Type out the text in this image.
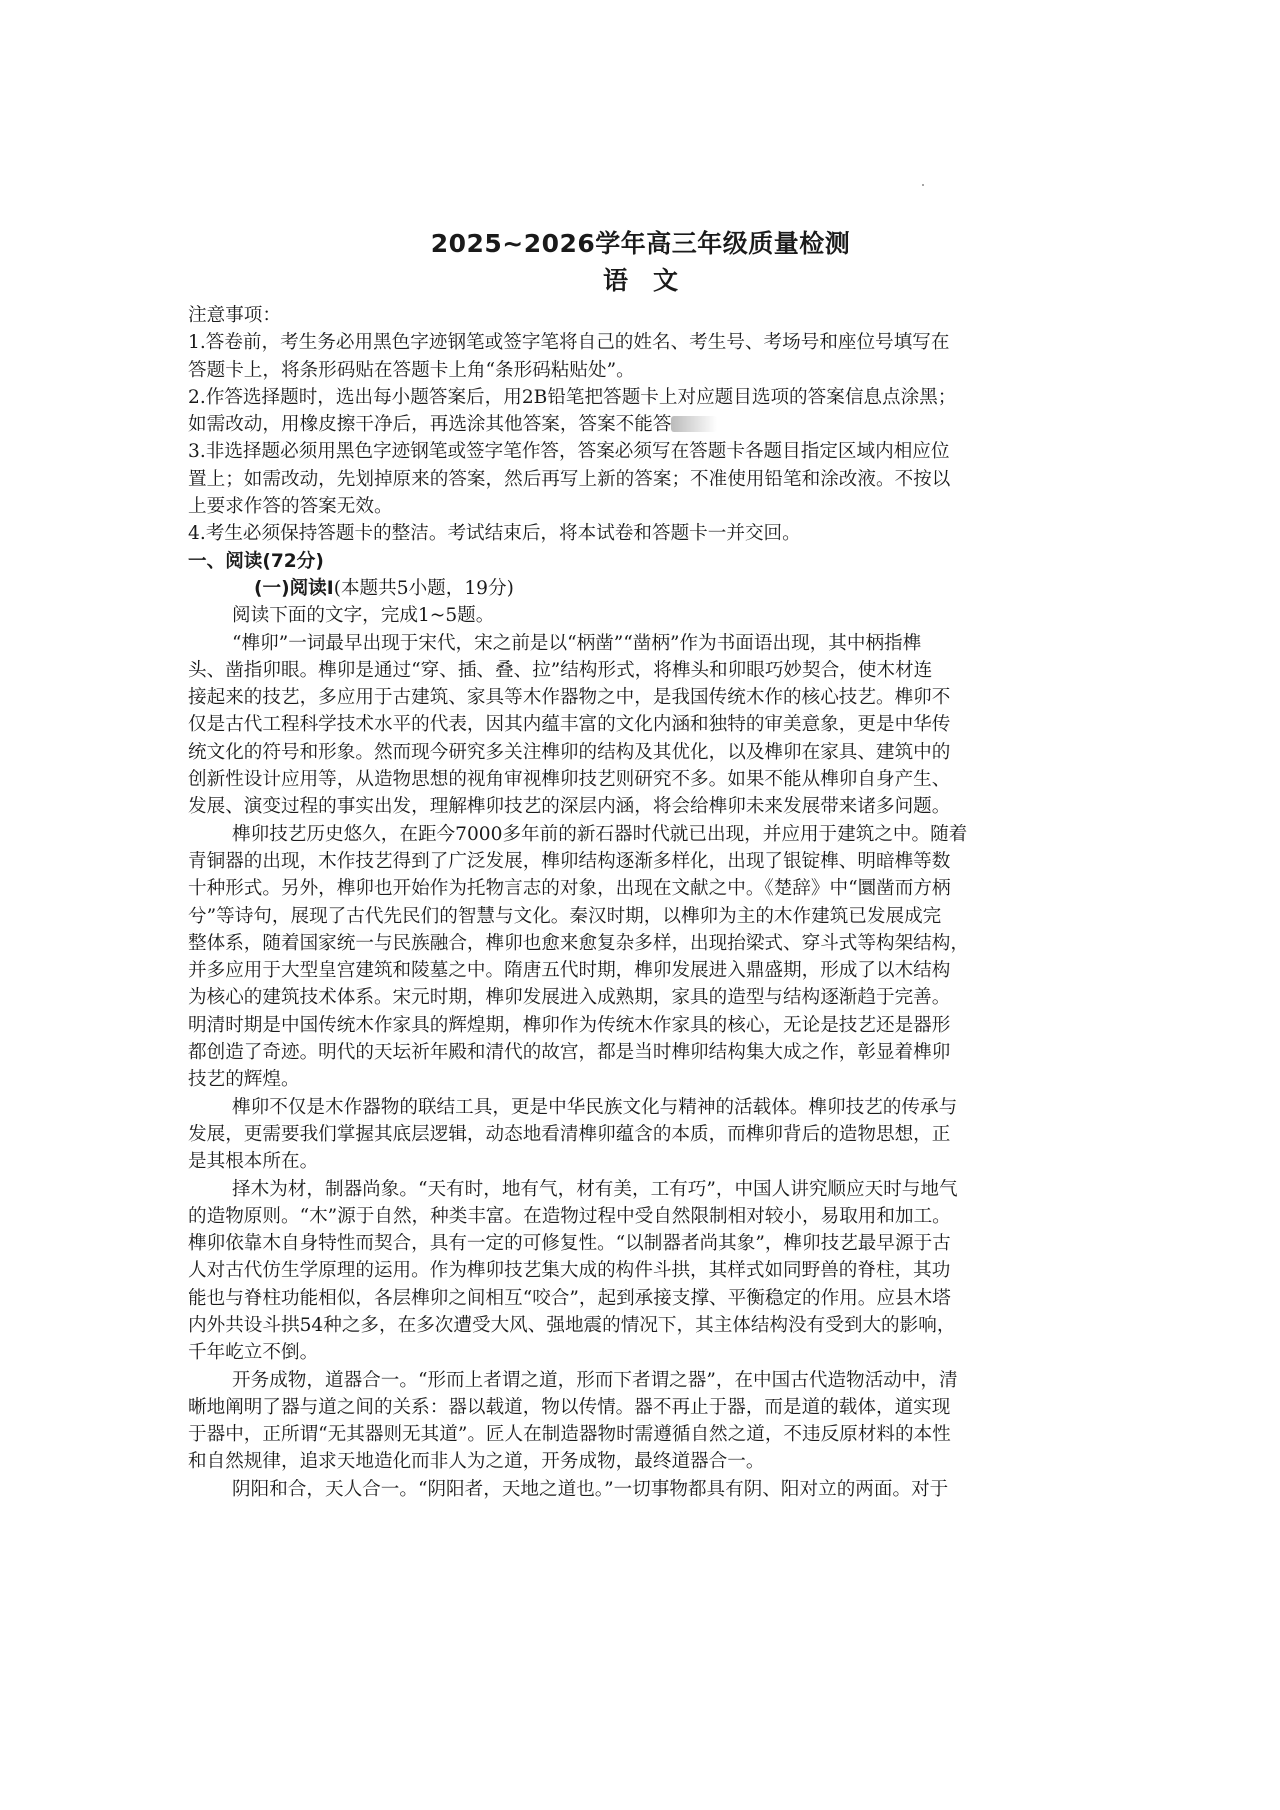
2025~2026学年高三年级质量检测
语　文
注意事项：
1.答卷前，考生务必用黑色字迹钢笔或签字笔将自己的姓名、考生号、考场号和座位号填写在
答题卡上，将条形码贴在答题卡上角“条形码粘贴处”。
2.作答选择题时，选出每小题答案后，用2B铅笔把答题卡上对应题目选项的答案信息点涂黑；
如需改动，用橡皮擦干净后，再选涂其他答案，答案不能答
3.非选择题必须用黑色字迹钢笔或签字笔作答，答案必须写在答题卡各题目指定区域内相应位
置上；如需改动，先划掉原来的答案，然后再写上新的答案；不准使用铅笔和涂改液。不按以
上要求作答的答案无效。
4.考生必须保持答题卡的整洁。考试结束后，将本试卷和答题卡一并交回。
一、阅读(72分)
(一)阅读Ⅰ(本题共5小题，19分)
阅读下面的文字，完成1~5题。
“榫卯”一词最早出现于宋代，宋之前是以“柄凿”“凿柄”作为书面语出现，其中柄指榫
头、凿指卯眼。榫卯是通过“穿、插、叠、拉”结构形式，将榫头和卯眼巧妙契合，使木材连
接起来的技艺，多应用于古建筑、家具等木作器物之中，是我国传统木作的核心技艺。榫卯不
仅是古代工程科学技术水平的代表，因其内蕴丰富的文化内涵和独特的审美意象，更是中华传
统文化的符号和形象。然而现今研究多关注榫卯的结构及其优化，以及榫卯在家具、建筑中的
创新性设计应用等，从造物思想的视角审视榫卯技艺则研究不多。如果不能从榫卯自身产生、
发展、演变过程的事实出发，理解榫卯技艺的深层内涵，将会给榫卯未来发展带来诸多问题。
榫卯技艺历史悠久，在距今7000多年前的新石器时代就已出现，并应用于建筑之中。随着
青铜器的出现，木作技艺得到了广泛发展，榫卯结构逐渐多样化，出现了银锭榫、明暗榫等数
十种形式。另外，榫卯也开始作为托物言志的对象，出现在文献之中。《楚辞》中“圜凿而方柄
兮”等诗句，展现了古代先民们的智慧与文化。秦汉时期，以榫卯为主的木作建筑已发展成完
整体系，随着国家统一与民族融合，榫卯也愈来愈复杂多样，出现抬梁式、穿斗式等构架结构，
并多应用于大型皇宫建筑和陵墓之中。隋唐五代时期，榫卯发展进入鼎盛期，形成了以木结构
为核心的建筑技术体系。宋元时期，榫卯发展进入成熟期，家具的造型与结构逐渐趋于完善。
明清时期是中国传统木作家具的辉煌期，榫卯作为传统木作家具的核心，无论是技艺还是器形
都创造了奇迹。明代的天坛祈年殿和清代的故宫，都是当时榫卯结构集大成之作，彰显着榫卯
技艺的辉煌。
榫卯不仅是木作器物的联结工具，更是中华民族文化与精神的活载体。榫卯技艺的传承与
发展，更需要我们掌握其底层逻辑，动态地看清榫卯蕴含的本质，而榫卯背后的造物思想，正
是其根本所在。
择木为材，制器尚象。“天有时，地有气，材有美，工有巧”，中国人讲究顺应天时与地气
的造物原则。“木”源于自然，种类丰富。在造物过程中受自然限制相对较小，易取用和加工。
榫卯依靠木自身特性而契合，具有一定的可修复性。“以制器者尚其象”，榫卯技艺最早源于古
人对古代仿生学原理的运用。作为榫卯技艺集大成的构件斗拱，其样式如同野兽的脊柱，其功
能也与脊柱功能相似，各层榫卯之间相互“咬合”，起到承接支撑、平衡稳定的作用。应县木塔
内外共设斗拱54种之多，在多次遭受大风、强地震的情况下，其主体结构没有受到大的影响，
千年屹立不倒。
开务成物，道器合一。“形而上者谓之道，形而下者谓之器”，在中国古代造物活动中，清
晰地阐明了器与道之间的关系：器以载道，物以传情。器不再止于器，而是道的载体，道实现
于器中，正所谓“无其器则无其道”。匠人在制造器物时需遵循自然之道，不违反原材料的本性
和自然规律，追求天地造化而非人为之道，开务成物，最终道器合一。
阴阳和合，天人合一。“阴阳者，天地之道也。”一切事物都具有阴、阳对立的两面。对于
